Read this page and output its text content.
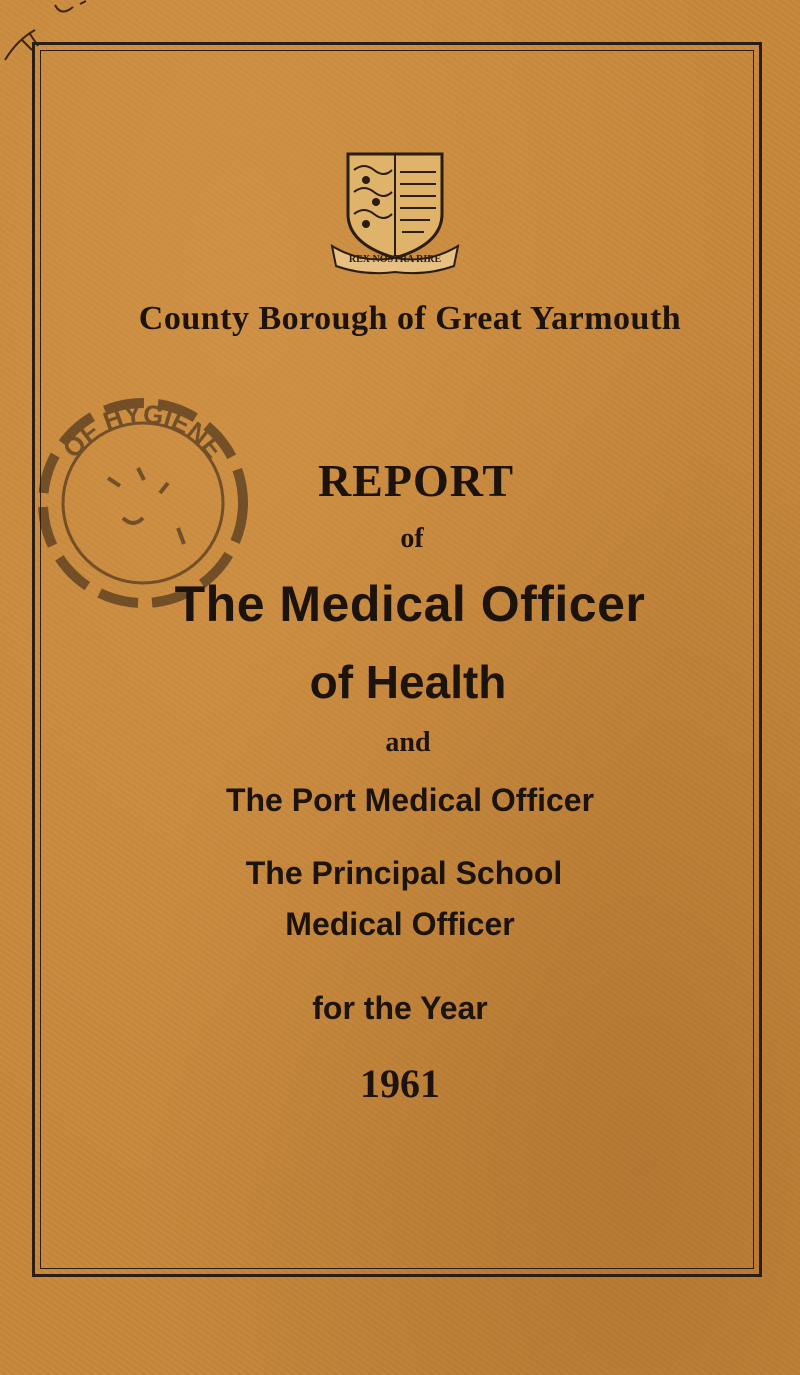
REX NOSTRA RIRE
OF HYGIENE
County Borough of Great Yarmouth
REPORT
of
The Medical Officer
of Health
and
The Port Medical Officer
The Principal School
Medical Officer
for the Year
1961
